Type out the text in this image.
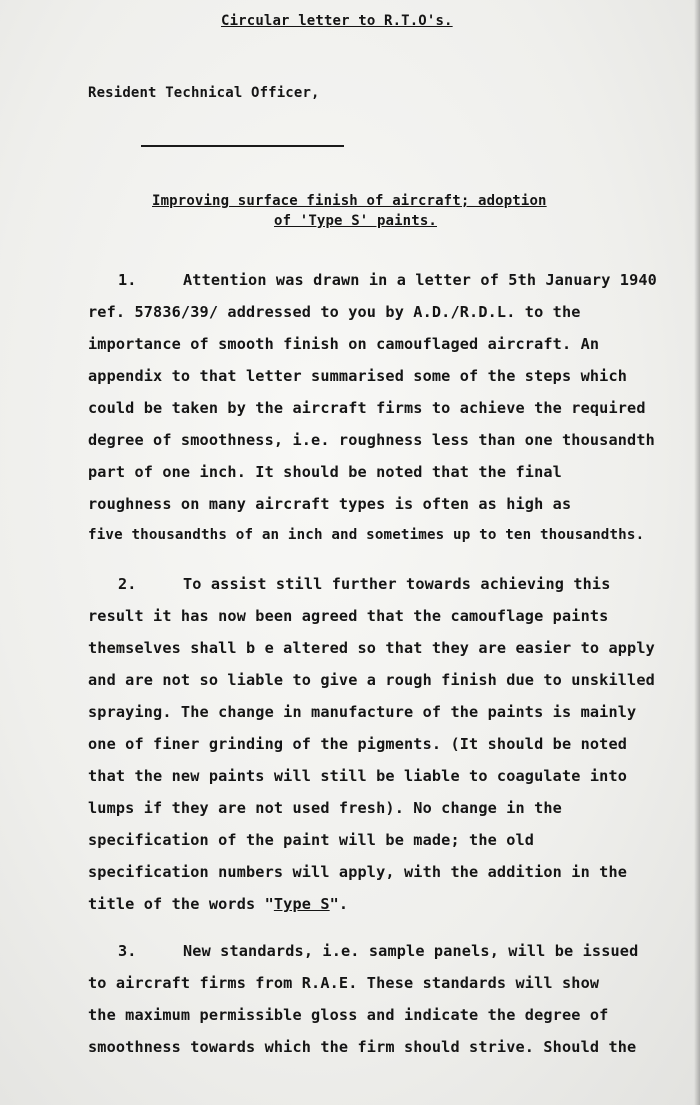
Circular letter to R.T.O's.
Resident Technical Officer,
Improving surface finish of aircraft; adoption
of 'Type S' paints.
1.	Attention was drawn in a letter of 5th January 1940
ref. 57836/39/ addressed to you by A.D./R.D.L. to the
importance of smooth finish on camouflaged aircraft. An
appendix to that letter summarised some of the steps which
could be taken by the aircraft firms to achieve the required
degree of smoothness, i.e. roughness less than one thousandth
part of one inch. It should be noted that the final
roughness on many aircraft types is often as high as
five thousandths of an inch and sometimes up to ten thousandths.
2.	To assist still further towards achieving this
result it has now been agreed that the camouflage paints
themselves shall b e altered so that they are easier to apply
and are not so liable to give a rough finish due to unskilled
spraying. The change in manufacture of the paints is mainly
one of finer grinding of the pigments. (It should be noted
that the new paints will still be liable to coagulate into
lumps if they are not used fresh). No change in the
specification of the paint will be made; the old
specification numbers will apply, with the addition in the
title of the words "Type S".
3.	New standards, i.e. sample panels, will be issued
to aircraft firms from R.A.E. These standards will show
the maximum permissible gloss and indicate the degree of
smoothness towards which the firm should strive. Should the
